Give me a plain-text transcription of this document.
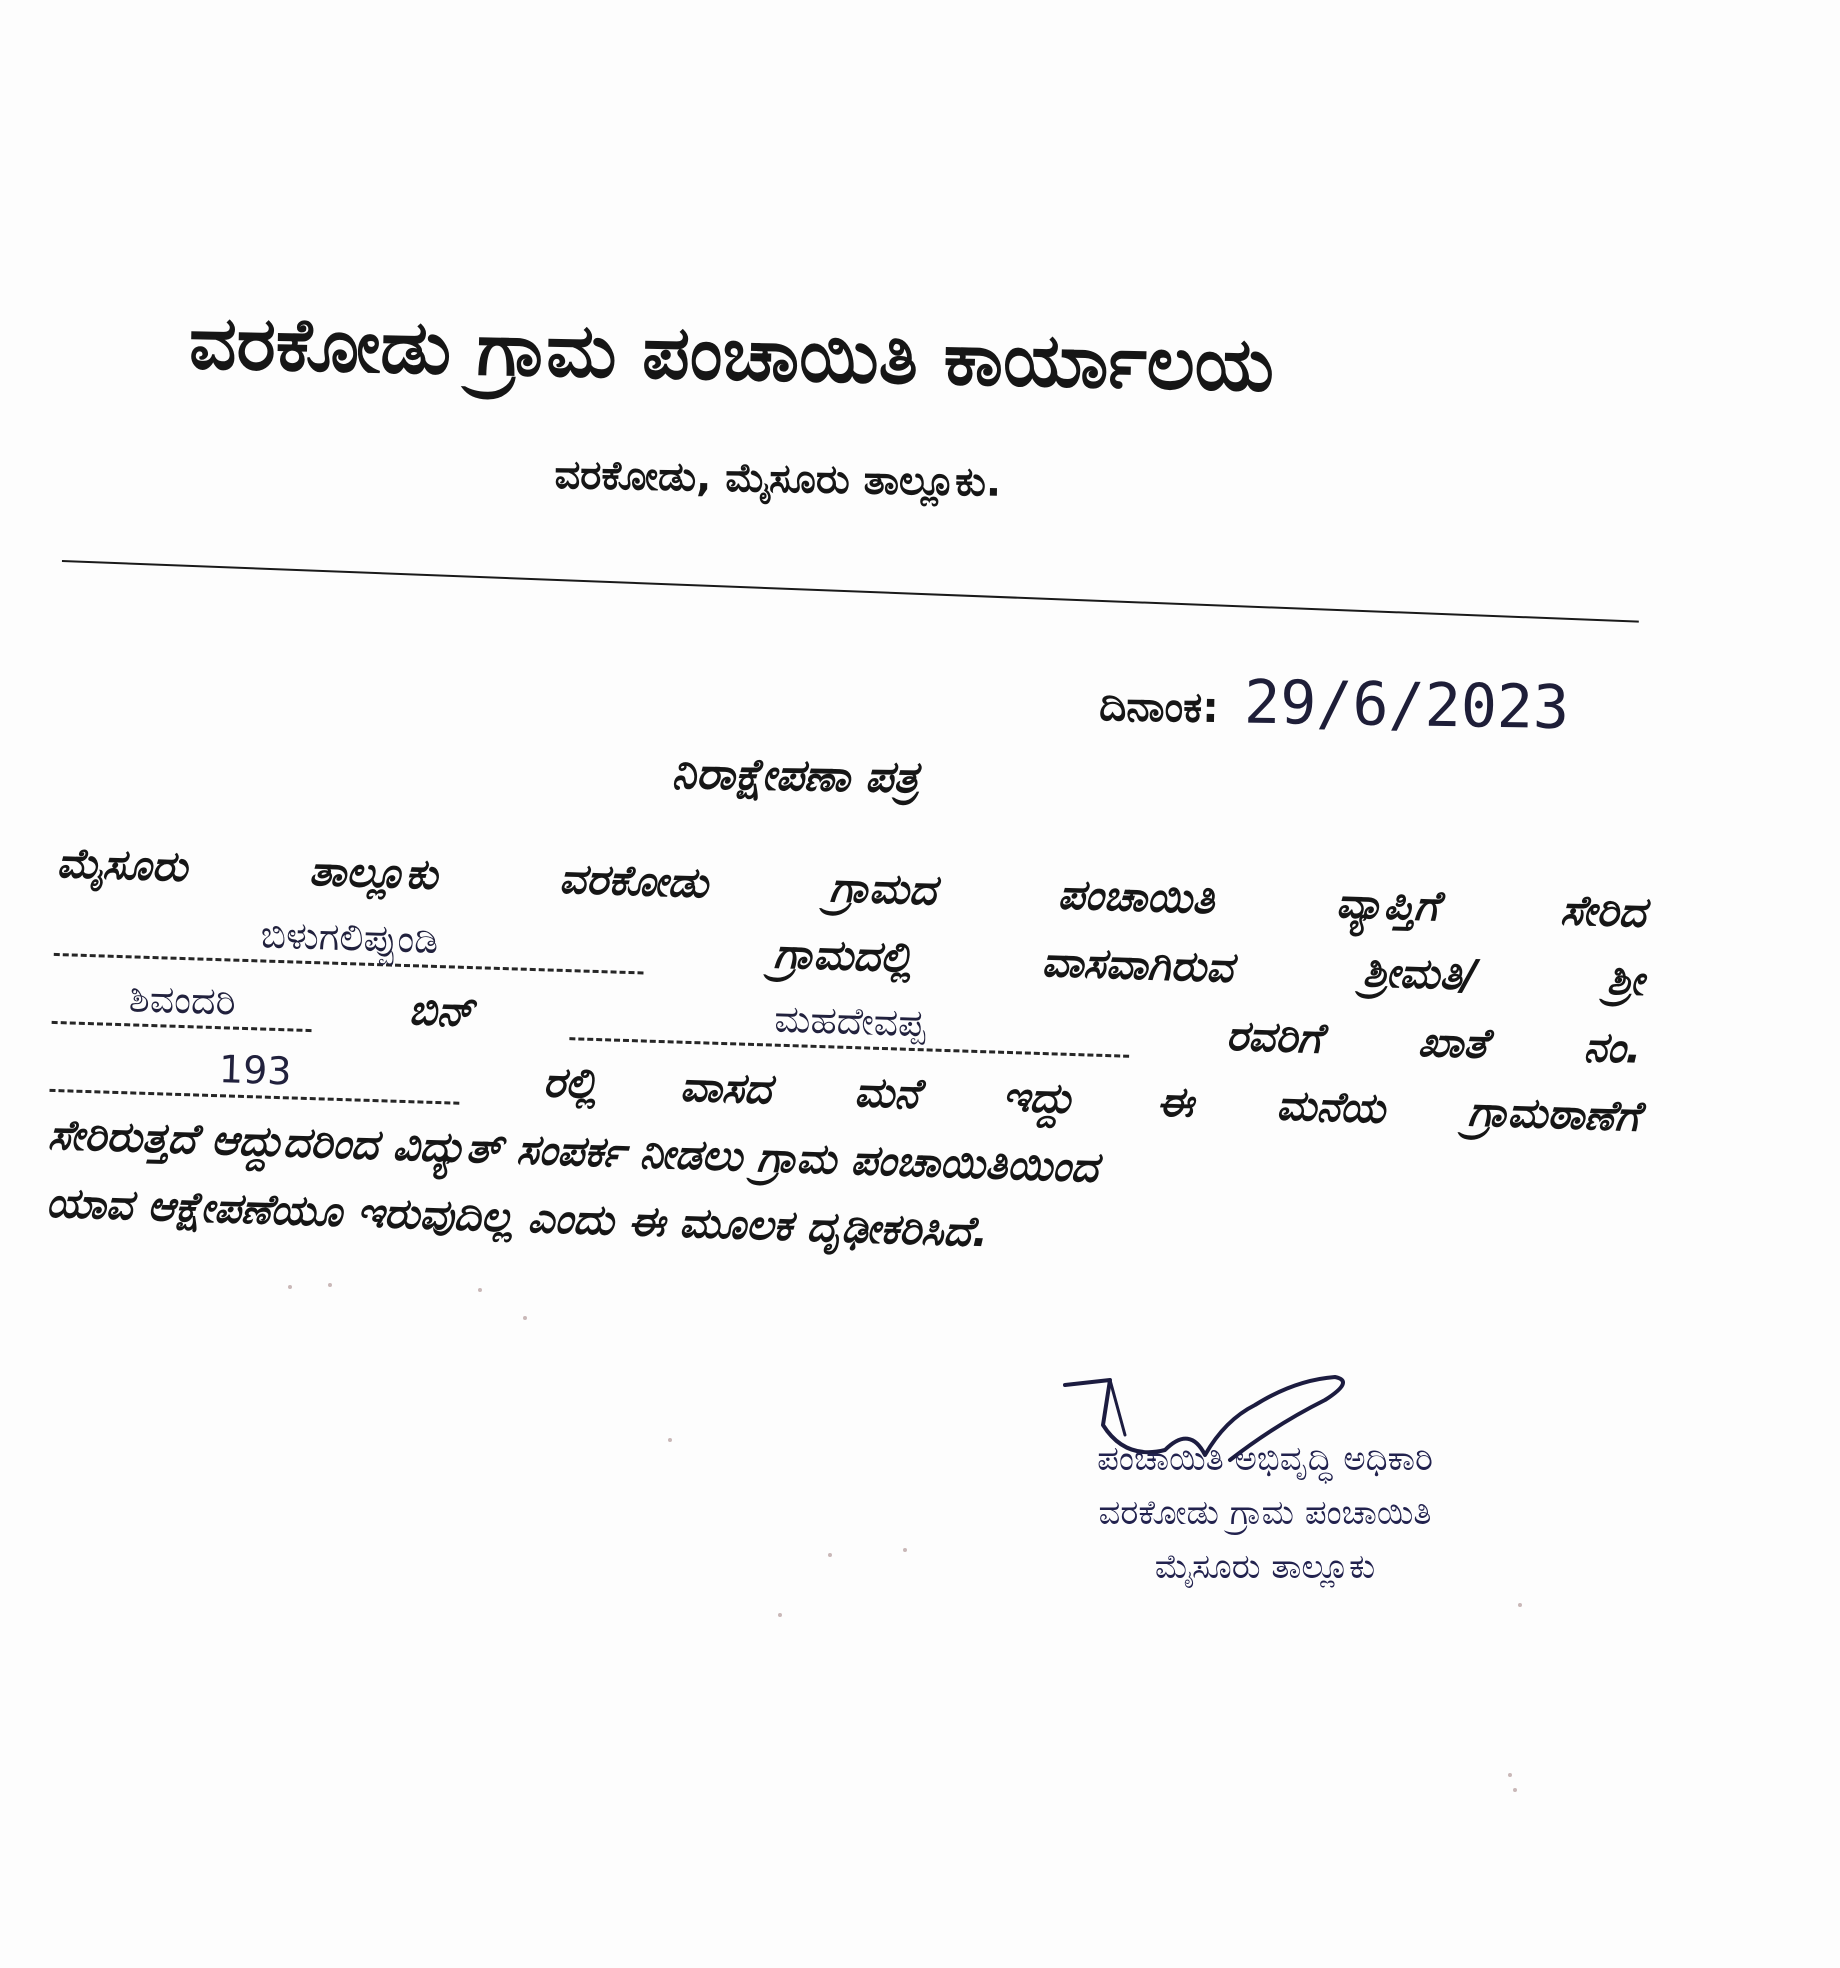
ವರಕೋಡು ಗ್ರಾಮ ಪಂಚಾಯಿತಿ ಕಾರ್ಯಾಲಯ
ವರಕೋಡು, ಮೈಸೂರು ತಾಲ್ಲೂಕು.
ದಿನಾಂಕ: 29/6/2023
ನಿರಾಕ್ಷೇಪಣಾ ಪತ್ರ
ಮೈಸೂರು	ತಾಲ್ಲೂಕು	ವರಕೋಡು	ಗ್ರಾಮದ	ಪಂಚಾಯಿತಿ	ವ್ಯಾಪ್ತಿಗೆ	ಸೇರಿದ
ಬಿಳುಗಲಿಪ್ಪುಂಡಿ	ಗ್ರಾಮದಲ್ಲಿ	ವಾಸವಾಗಿರುವ	ಶ್ರೀಮತಿ/	ಶ್ರೀ
ಶಿವಂದರಿ	ಬಿನ್	ಮಹದೇವಪ್ಪ	ರವರಿಗೆ ಖಾತೆ ನಂ.
193	ರಲ್ಲಿ ವಾಸದ ಮನೆ ಇದ್ದು ಈ ಮನೆಯ ಗ್ರಾಮಠಾಣೆಗೆ
ಸೇರಿರುತ್ತದೆ ಆದ್ದುದರಿಂದ ವಿದ್ಯುತ್ ಸಂಪರ್ಕ ನೀಡಲು ಗ್ರಾಮ ಪಂಚಾಯಿತಿಯಿಂದ
ಯಾವ ಆಕ್ಷೇಪಣೆಯೂ ಇರುವುದಿಲ್ಲ ಎಂದು ಈ ಮೂಲಕ ದೃಢೀಕರಿಸಿದೆ.
ಪಂಚಾಯಿತಿ ಅಭಿವೃದ್ಧಿ ಅಧಿಕಾರಿ
ವರಕೋಡು ಗ್ರಾಮ ಪಂಚಾಯಿತಿ
ಮೈಸೂರು ತಾಲ್ಲೂಕು
